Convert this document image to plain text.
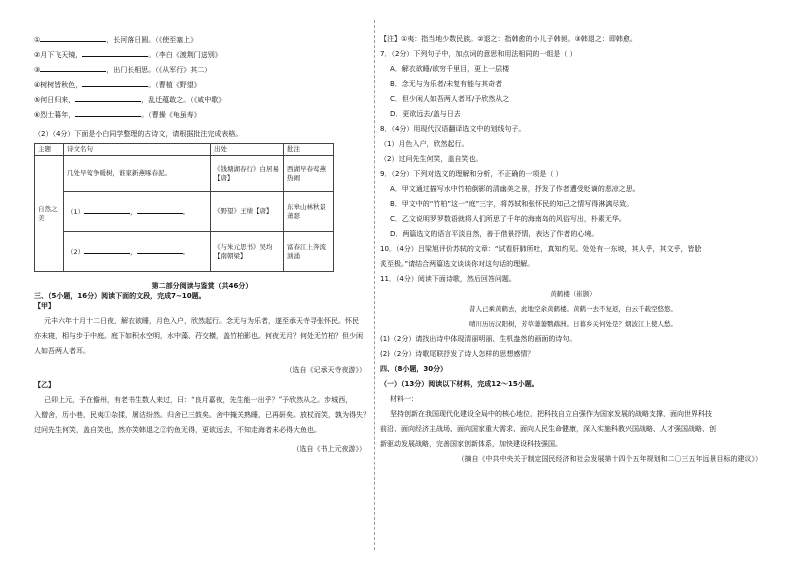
①	，长河落日圆。（《使至塞上》
②月下飞天镜，	。（李白《渡荆门送别》
③	，出门长相思。（《从军行》其二）
④树树皆秋色，	。（曹植《野望》
⑤何日归来，	，乱迁蕴敢之。（《咸中歌》
⑥烈士暮年，	。（曹操《龟虽寿》
（2）（4分）下面是小白同学整理的古诗文，请根据批注完成表格。
主题	诗文名句	出处	批注
自然之美	几处早莺争暖树，谁家新燕啄春泥。	《钱塘湖春行》白居易【唐】	西湖早春莺燕热闹
	（1） ， 。	《野望》王绩【唐】	东皋山林秋景萧瑟
	（2） ， 。	《与朱元思书》吴均【南朝梁】	富春江上奔流汹涌
第二部分阅读与鉴赏（共46分）
三、（5小题，16分）阅读下面的文段，完成7~10题。
【甲】
元丰六年十月十二日夜，解衣欲睡，月色入户，欣然起行。念无与为乐者，遂至承天寺寻张怀民。怀民
亦未寝，相与步于中庭。庭下如积水空明，水中藻、荇交横，盖竹柏影也。何夜无月？何处无竹柏？但少闲
人如吾两人者耳。
（选自《记承天寺夜游》）
【乙】
己卯上元，予在儋州，有老书生数人来过，曰：“良月嘉夜，先生能一出乎？”予欣然从之。步城西，
入僧舍，历小巷，民夷①杂揉，屠沽纷然。归舍已三鼓矣。舍中掩关熟睡，已再鼾矣。放杖而笑，孰为得失？
过问先生何笑，盖自笑也，然亦笑韩退之②钓鱼无得，更欲远去，不知走海者未必得大鱼也。
（选自《书上元夜游》）
【注】①夷：指当地少数民族。②退之：指韩愈的小儿子韩昶。③韩退之：即韩愈。
7．（2分）下列句子中，加点词的意思和用法相同的一组是（ ）
A．解衣欲睡/欲穷千里目，更上一层楼
B．念无与为乐者/未复有能与其奇者
C．但少闲人如吾两人者耳/予欣然从之
D．更欲远去/盖与日去
8．（4分）用现代汉语翻译选文中的划线句子。
（1）月色入户，欣然起行。
（2）过问先生何笑，盖自笑也。
9．（2分）下列对选文的理解和分析，不正确的一项是（ ）
A．甲文通过描写水中竹柏倒影的清幽美之景，抒发了作者遭受贬谪的悲凉之思。
B．甲文中的“竹柏”这一“庭”三字，将苏轼和张怀民的知己之情写得淋漓尽致。
C．乙文说明罗罗数语就将人们所思了千年的海南岛的风俗写出，朴素无华。
D．两篇选文的语言平淡自然，善于借景抒情，表达了作者的心境。
10．（4分）吕梁旭评价苏轼的文章：“试看肝肺所吐，真知灼见。处处有一东坡，其人乎，其文乎，皆脍
炙至极。”请结合两篇选文谈谈你对这句话的理解。
11．（4分）阅读下面诗歌，然后回答问题。
黄鹤楼（崔颢）
昔人已乘黄鹤去，此地空余黄鹤楼。黄鹤一去不复返，白云千载空悠悠。
晴川历历汉阳树，芳草萋萋鹦鹉洲。日暮乡关何处是？烟波江上使人愁。
(1)（2分）请找出诗中体现清丽明丽、生机盎然的画面的诗句。
(2)（2分）诗歌尾联抒发了诗人怎样的思想感情？
四、（8小题，30分）
（一）（13分）阅读以下材料，完成12～15小题。
材料一：
坚持创新在我国现代化建设全局中的核心地位，把科技自立自强作为国家发展的战略支撑，面向世界科技
前沿、面向经济主战场、面向国家重大需求、面向人民生命健康，深入实施科教兴国战略、人才强国战略、创
新驱动发展战略，完善国家创新体系，加快建设科技强国。
（摘自《中共中央关于制定国民经济和社会发展第十四个五年规划和二〇三五年远景目标的建议》）
